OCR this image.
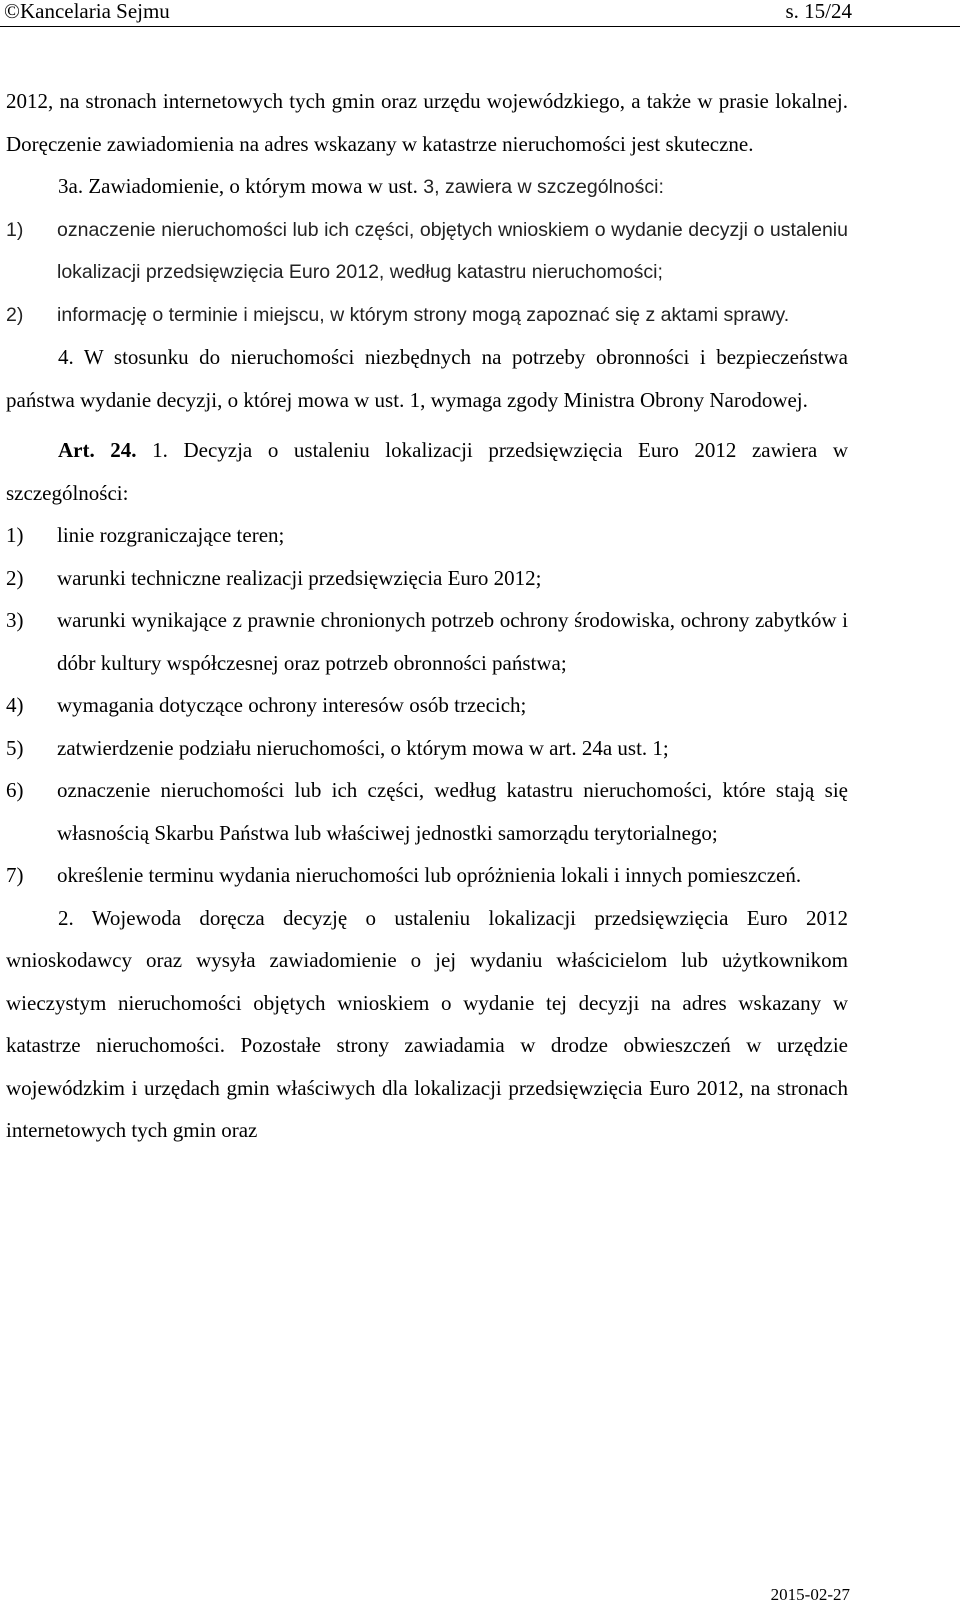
©Kancelaria Sejmu	s. 15/24

2012, na stronach internetowych tych gmin oraz urzędu wojewódzkiego, a także w prasie lokalnej. Doręczenie zawiadomienia na adres wskazany w katastrze nieruchomości jest skuteczne.

3a. Zawiadomienie, o którym mowa w ust. 3, zawiera w szczególności:

1) oznaczenie nieruchomości lub ich części, objętych wnioskiem o wydanie decyzji o ustaleniu lokalizacji przedsięwzięcia Euro 2012, według katastru nieruchomości;
2) informację o terminie i miejscu, w którym strony mogą zapoznać się z aktami sprawy.

4. W stosunku do nieruchomości niezbędnych na potrzeby obronności i bezpieczeństwa państwa wydanie decyzji, o której mowa w ust. 1, wymaga zgody Ministra Obrony Narodowej.

Art. 24. 1. Decyzja o ustaleniu lokalizacji przedsięwzięcia Euro 2012 zawiera w szczególności:

1) linie rozgraniczające teren;
2) warunki techniczne realizacji przedsięwzięcia Euro 2012;
3) warunki wynikające z prawnie chronionych potrzeb ochrony środowiska, ochrony zabytków i dóbr kultury współczesnej oraz potrzeb obronności państwa;
4) wymagania dotyczące ochrony interesów osób trzecich;
5) zatwierdzenie podziału nieruchomości, o którym mowa w art. 24a ust. 1;
6) oznaczenie nieruchomości lub ich części, według katastru nieruchomości, które stają się własnością Skarbu Państwa lub właściwej jednostki samorządu terytorialnego;
7) określenie terminu wydania nieruchomości lub opróżnienia lokali i innych pomieszczeń.

2. Wojewoda doręcza decyzję o ustaleniu lokalizacji przedsięwzięcia Euro 2012 wnioskodawcy oraz wysyła zawiadomienie o jej wydaniu właścicielom lub użytkownikom wieczystym nieruchomości objętych wnioskiem o wydanie tej decyzji na adres wskazany w katastrze nieruchomości. Pozostałe strony zawiadamia w drodze obwieszczeń w urzędzie wojewódzkim i urzędach gmin właściwych dla lokalizacji przedsięwzięcia Euro 2012, na stronach internetowych tych gmin oraz

2015-02-27
